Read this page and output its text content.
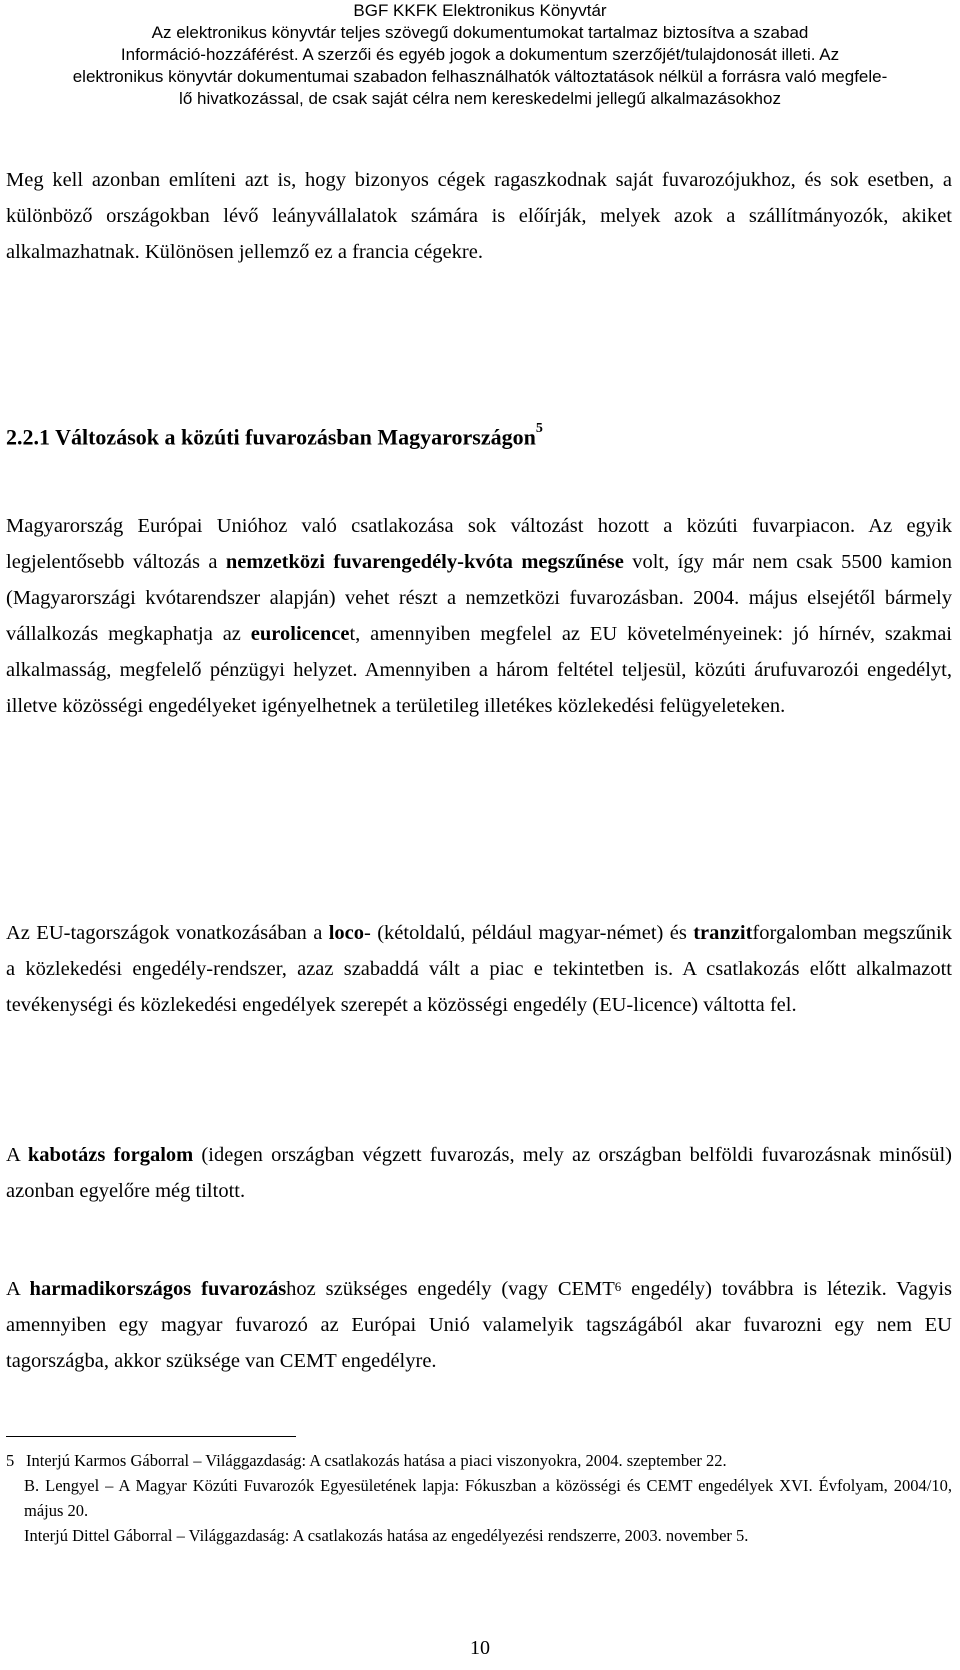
BGF KKFK Elektronikus Könyvtár
Az elektronikus könyvtár teljes szövegű dokumentumokat tartalmaz biztosítva a szabad
Információ-hozzáférést. A szerzői és egyéb jogok a dokumentum szerzőjét/tulajdonosát illeti. Az
elektronikus könyvtár dokumentumai szabadon felhasználhatók változtatások nélkül a forrásra való megfele-
lő hivatkozással, de csak saját célra nem kereskedelmi jellegű alkalmazásokhoz

Meg kell azonban említeni azt is, hogy bizonyos cégek ragaszkodnak saját fuvarozójukhoz, és sok esetben, a különböző országokban lévő leányvállalatok számára is előírják, melyek azok a szállítmányozók, akiket alkalmazhatnak. Különösen jellemző ez a francia cégekre.

2.2.1 Változások a közúti fuvarozásban Magyarországon$^5$

Magyarország Európai Unióhoz való csatlakozása sok változást hozott a közúti fuvarpiacon. Az egyik legjelentősebb változás a nemzetközi fuvarengedély-kvóta megszűnése volt, így már nem csak 5500 kamion (Magyarországi kvótarendszer alapján) vehet részt a nemzetközi fuvarozásban. 2004. május elsejétől bármely vállalkozás megkaphatja az eurolicencet, amennyiben megfelel az EU követelményeinek: jó hírnév, szakmai alkalmasság, megfelelő pénzügyi helyzet. Amennyiben a három feltétel teljesül, közúti árufuvarozói engedélyt, illetve közösségi engedélyeket igényelhetnek a területileg illetékes közlekedési felügyeleteken.

Az EU-tagországok vonatkozásában a loco- (kétoldalú, például magyar-német) és tranzitforgalomban megszűnik a közlekedési engedély-rendszer, azaz szabaddá vált a piac e tekintetben is. A csatlakozás előtt alkalmazott tevékenységi és közlekedési engedélyek szerepét a közösségi engedély (EU-licence) váltotta fel.

A kabotázs forgalom (idegen országban végzett fuvarozás, mely az országban belföldi fuvarozásnak minősül) azonban egyelőre még tiltott.

A harmadikországos fuvarozáshoz szükséges engedély (vagy CEMT$^6$ engedély) továbbra is létezik. Vagyis amennyiben egy magyar fuvarozó az Európai Unió valamelyik tagszágából akar fuvarozni egy nem EU tagországba, akkor szüksége van CEMT engedélyre.

5 Interjú Karmos Gáborral – Világgazdaság: A csatlakozás hatása a piaci viszonyokra, 2004. szeptember 22.

B. Lengyel – A Magyar Közúti Fuvarozók Egyesületének lapja: Fókuszban a közösségi és CEMT engedélyek XVI. Évfolyam, 2004/10, május 20.

Interjú Dittel Gáborral – Világgazdaság: A csatlakozás hatása az engedélyezési rendszerre, 2003. november 5.

10
